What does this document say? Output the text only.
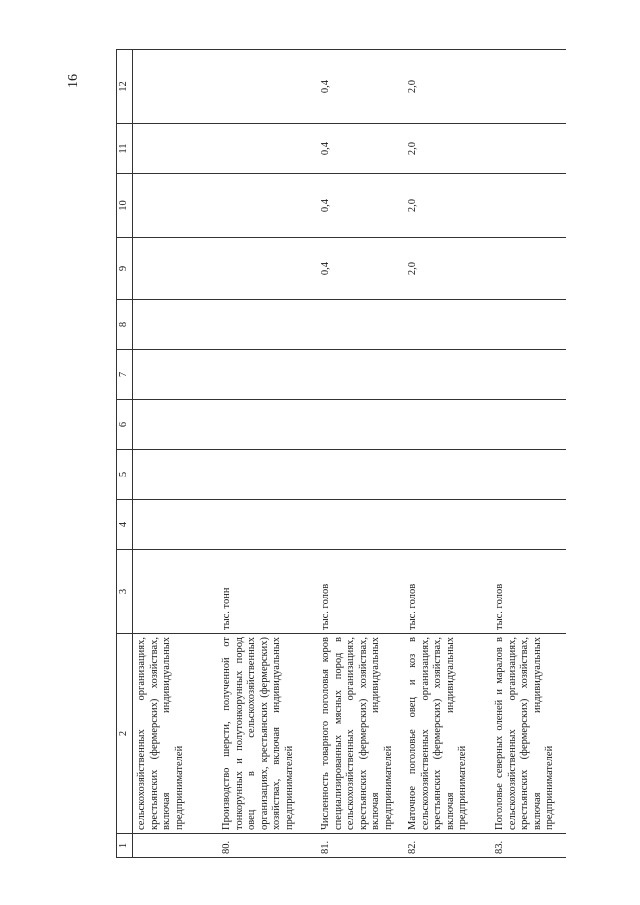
16
1	2	3	4	5	6	7	8	9	10	11	12
	сельскохозяйственных организациях, крестьянских (фермерских) хозяйствах, включая индивидуальных предпринимателей										
80.	Производство шерсти, полученной от тонкорунных и полутонкорунных пород овец в сельскохозяйственных организациях, крестьянских (фермерских) хозяйствах, включая индивидуальных предпринимателей	тыс. тонн									
81.	Численность товарного поголовья коров специализированных мясных пород в сельскохозяйственных организациях, крестьянских (фермерских) хозяйствах, включая индивидуальных предпринимателей	тыс. голов						0,4	0,4	0,4	0,4
82.	Маточное поголовье овец и коз в сельскохозяйственных организациях, крестьянских (фермерских) хозяйствах, включая индивидуальных предпринимателей	тыс. голов						2,0	2,0	2,0	2,0
83.	Поголовье северных оленей и маралов в сельскохозяйственных организациях, крестьянских (фермерских) хозяйствах, включая индивидуальных предпринимателей	тыс. голов									
